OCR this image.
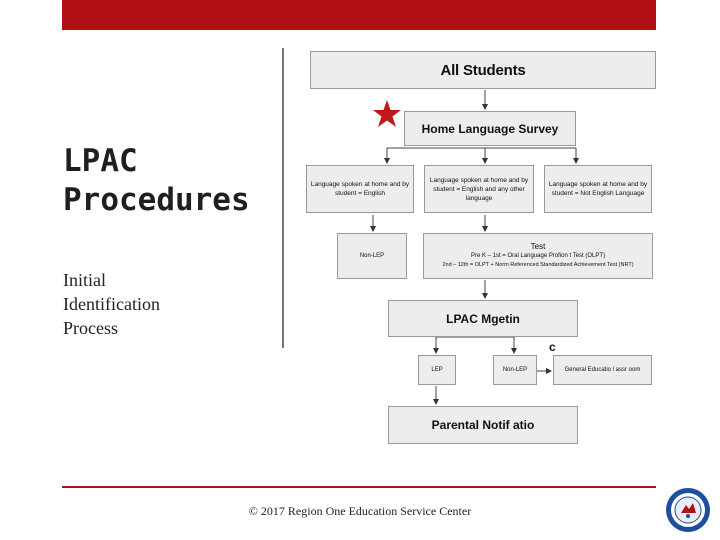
LPAC
Procedures
Initial
Identification
Process
All Students
Home Language Survey
Language spoken at home and by student = English
Language spoken at home and by student = English and any other language
Language spoken at home and by student = Not English Language
Non-LEP
Test
Pre K – 1st = Oral Language Profion t Test (OLPT)
2nd – 12th = OLPT + Norm Referenced Standardized Achievement Test (NRT)
LPAC Mgetin
c
LEP	Non-LEP	General Educatio l assr oom
Parental Notif atio
© 2017 Region One Education Service Center
